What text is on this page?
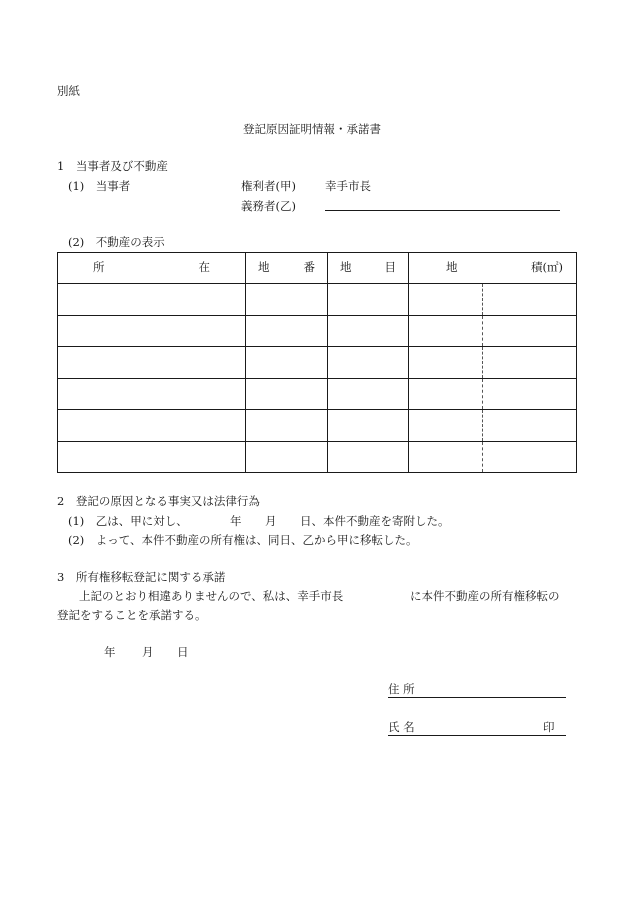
別紙
登記原因証明情報・承諾書
1　当事者及び不動産
(1)　当事者	権利者(甲)	幸手市長
義務者(乙)
(2)　不動産の表示
所 在	地 番	地 目	地 積(㎡)	

2　登記の原因となる事実又は法律行為
(1)　乙は、甲に対し、	年 月 日、本件不動産を寄附した。
(2)　よって、本件不動産の所有権は、同日、乙から甲に移転した。
3　所有権移転登記に関する承諾
上記のとおり相違ありませんので、私は、幸手市長	に本件不動産の所有権移転の
登記をすることを承諾する。
年 月 日
住 所
氏 名	印
